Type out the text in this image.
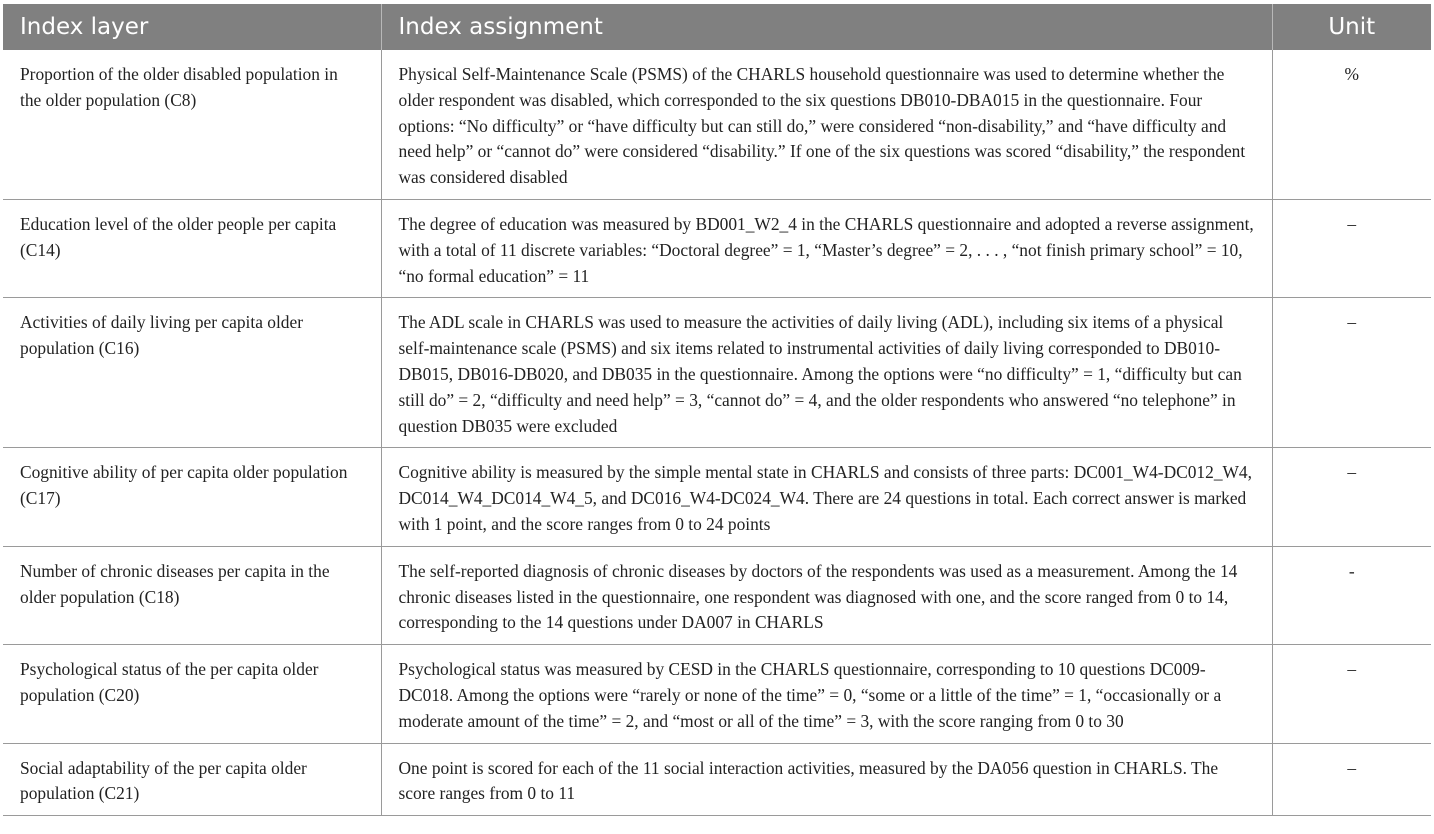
Index layer	Index assignment	Unit
Proportion of the older disabled population in the older population (C8)	Physical Self-Maintenance Scale (PSMS) of the CHARLS household questionnaire was used to determine whether the older respondent was disabled, which corresponded to the six questions DB010-DBA015 in the questionnaire. Four options: “No difficulty” or “have difficulty but can still do,” were considered “non-disability,” and “have difficulty and need help” or “cannot do” were considered “disability.” If one of the six questions was scored “disability,” the respondent was considered disabled	%
Education level of the older people per capita (C14)	The degree of education was measured by BD001_W2_4 in the CHARLS questionnaire and adopted a reverse assignment, with a total of 11 discrete variables: “Doctoral degree” = 1, “Master’s degree” = 2, . . . , “not finish primary school” = 10, “no formal education” = 11	–
Activities of daily living per capita older population (C16)	The ADL scale in CHARLS was used to measure the activities of daily living (ADL), including six items of a physical self-maintenance scale (PSMS) and six items related to instrumental activities of daily living corresponded to DB010-DB015, DB016-DB020, and DB035 in the questionnaire. Among the options were “no difficulty” = 1, “difficulty but can still do” = 2, “difficulty and need help” = 3, “cannot do” = 4, and the older respondents who answered “no telephone” in question DB035 were excluded	–
Cognitive ability of per capita older population (C17)	Cognitive ability is measured by the simple mental state in CHARLS and consists of three parts: DC001_W4-DC012_W4, DC014_W4_DC014_W4_5, and DC016_W4-DC024_W4. There are 24 questions in total. Each correct answer is marked with 1 point, and the score ranges from 0 to 24 points	–
Number of chronic diseases per capita in the older population (C18)	The self-reported diagnosis of chronic diseases by doctors of the respondents was used as a measurement. Among the 14 chronic diseases listed in the questionnaire, one respondent was diagnosed with one, and the score ranged from 0 to 14, corresponding to the 14 questions under DA007 in CHARLS	-
Psychological status of the per capita older population (C20)	Psychological status was measured by CESD in the CHARLS questionnaire, corresponding to 10 questions DC009-DC018. Among the options were “rarely or none of the time” = 0, “some or a little of the time” = 1, “occasionally or a moderate amount of the time” = 2, and “most or all of the time” = 3, with the score ranging from 0 to 30	–
Social adaptability of the per capita older population (C21)	One point is scored for each of the 11 social interaction activities, measured by the DA056 question in CHARLS. The score ranges from 0 to 11	–
